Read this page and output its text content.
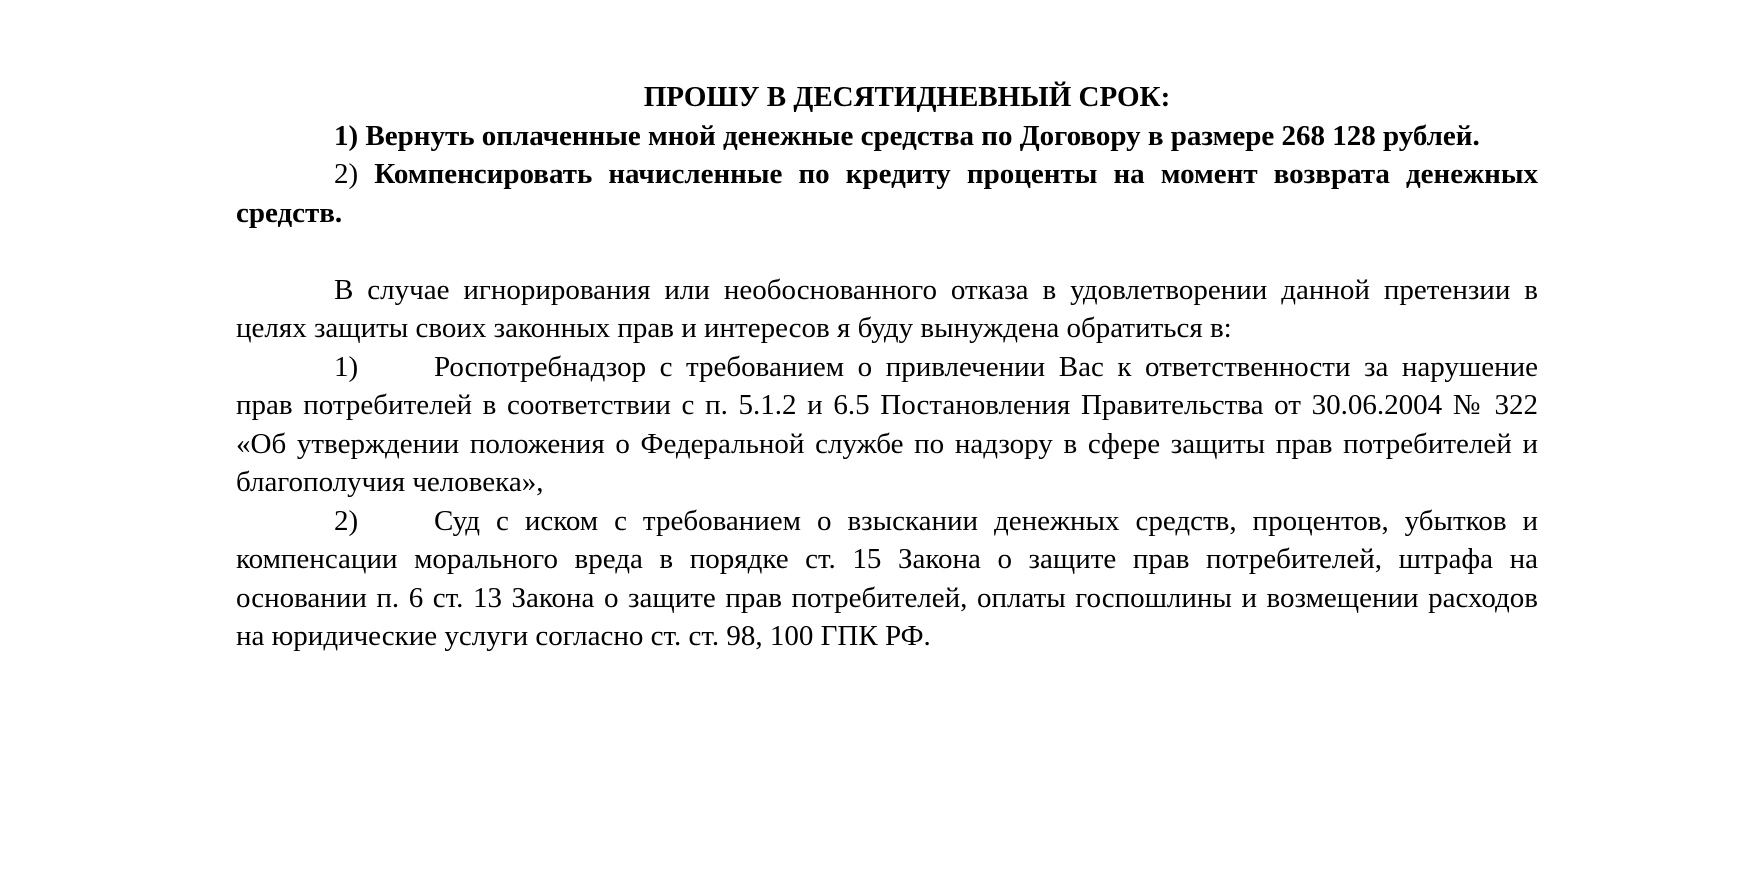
ПРОШУ В ДЕСЯТИДНЕВНЫЙ СРОК:

1) Вернуть оплаченные мной денежные средства по Договору в размере 268 128 рублей.

2) Компенсировать начисленные по кредиту проценты на момент возврата денежных средств.

В случае игнорирования или необоснованного отказа в удовлетворении данной претензии в целях защиты своих законных прав и интересов я буду вынуждена обратиться в:

1)	Роспотребнадзор с требованием о привлечении Вас к ответственности за нарушение прав потребителей в соответствии с п. 5.1.2 и 6.5 Постановления Правительства от 30.06.2004 № 322 «Об утверждении положения о Федеральной службе по надзору в сфере защиты прав потребителей и благополучия человека»,

2)	Суд с иском с требованием о взыскании денежных средств, процентов, убытков и компенсации морального вреда в порядке ст. 15 Закона о защите прав потребителей, штрафа на основании п. 6 ст. 13 Закона о защите прав потребителей, оплаты госпошлины и возмещении расходов на юридические услуги согласно ст. ст. 98, 100 ГПК РФ.
